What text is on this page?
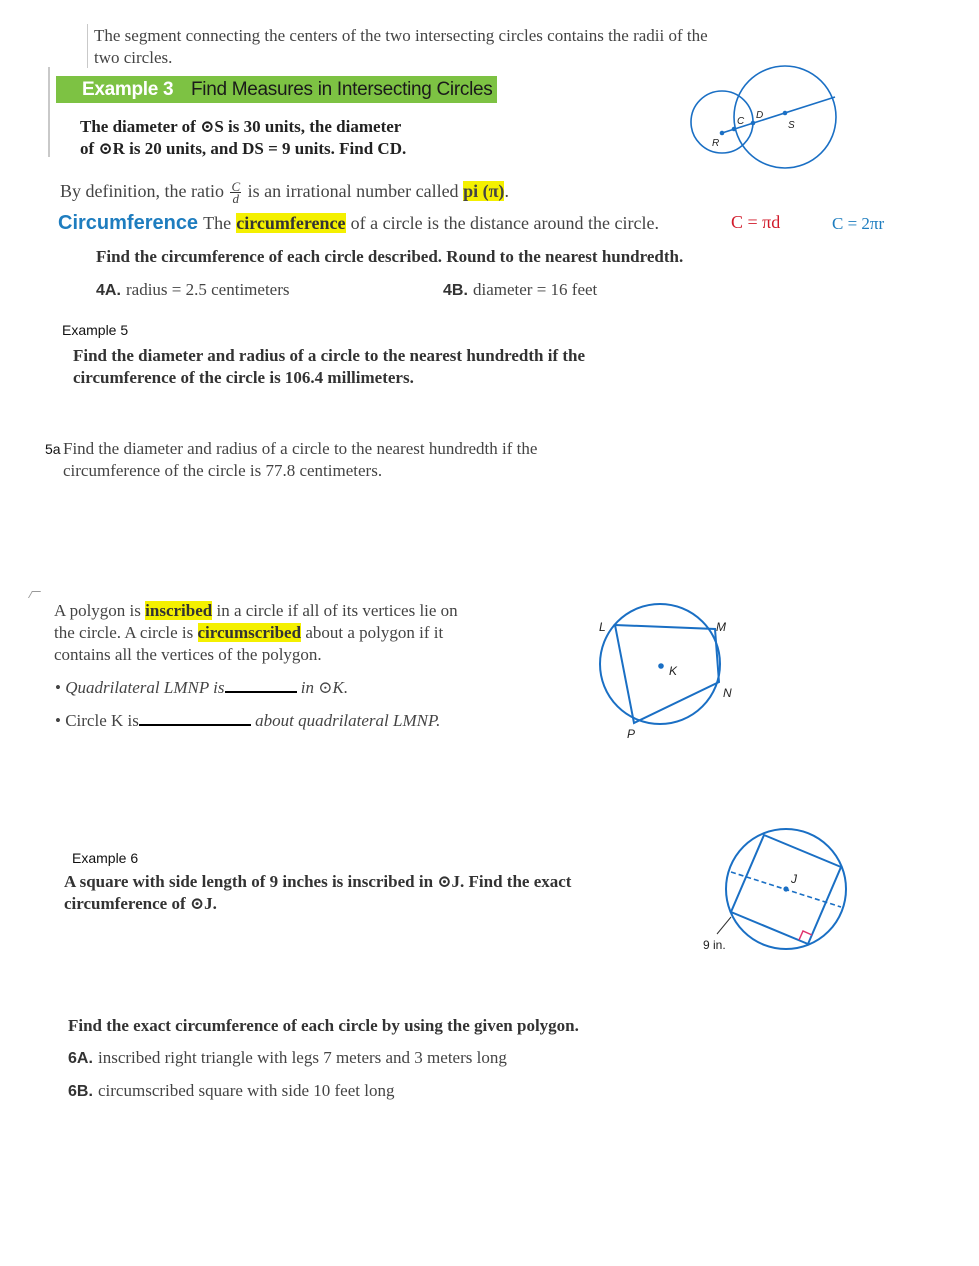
The segment connecting the centers of the two intersecting circles contains the radii of the
two circles.
Example 3 Find Measures in Intersecting Circles
The diameter of ⊙S is 30 units, the diameter
of ⊙R is 20 units, and DS = 9 units. Find CD.
C
D
S
R
By definition, the ratio $\frac{C}{d}$ is an irrational number called pi (π).
Circumference The circumference of a circle is the distance around the circle.	C = πd	C = 2πr
Find the circumference of each circle described. Round to the nearest hundredth.
4A. radius = 2.5 centimeters	4B. diameter = 16 feet
Example 5
Find the diameter and radius of a circle to the nearest hundredth if the
circumference of the circle is 106.4 millimeters.
5a Find the diameter and radius of a circle to the nearest hundredth if the
circumference of the circle is 77.8 centimeters.
A polygon is inscribed in a circle if all of its vertices lie on
the circle. A circle is circumscribed about a polygon if it
contains all the vertices of the polygon.
• Quadrilateral LMNP is	in ⊙K.
• Circle K is	about quadrilateral LMNP.
L	M
K
N
P
Example 6
A square with side length of 9 inches is inscribed in ⊙J. Find the exact
circumference of ⊙J.
J
9 in.
Find the exact circumference of each circle by using the given polygon.
6A. inscribed right triangle with legs 7 meters and 3 meters long
6B. circumscribed square with side 10 feet long
